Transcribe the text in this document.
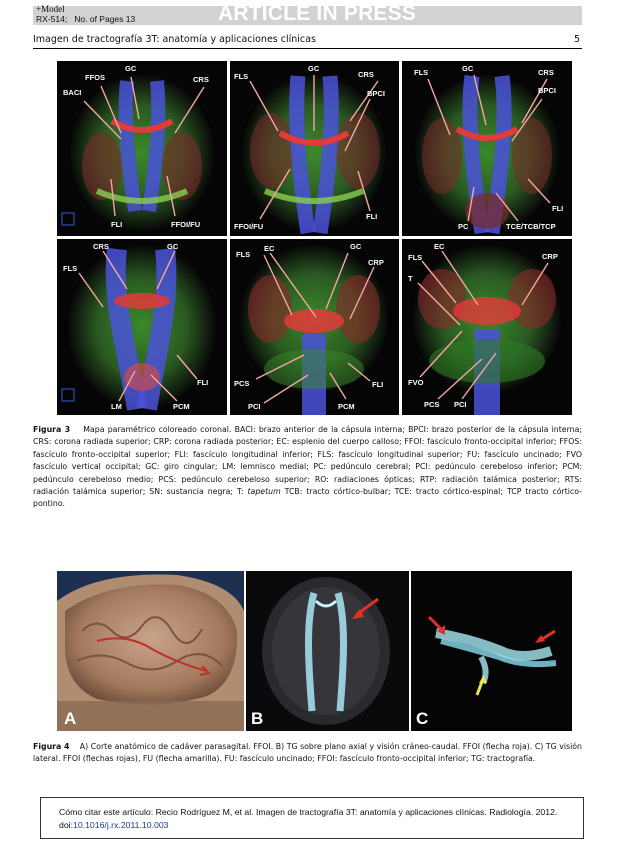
+Model
RX-514;   No. of Pages 13	ARTICLE IN PRESS
Imagen de tractografía 3T: anatomía y aplicaciones clínicas	5
GC
FFOS	CRS
BACI
FLI	FFOI/FU
GC
FLS	CRS
BPCI
FFOI/FU
FLI
FLS	GC	CRS
BPCI
FLI
PC	TCE/TCB/TCP
CRS	GC
FLS
FLI
LM	PCM
FLS
EC	GC
CRP
PCS	FLI
PCI	PCM
EC
FLS	CRP
T
FVO
PCS PCI
Figura 3 Mapa paramétrico coloreado coronal. BACI: brazo anterior de la cápsula interna; BPCI: brazo posterior de la cápsula interna; CRS: corona radiada superior; CRP: corona radiada posterior; EC: esplenio del cuerpo calloso; FFOI: fascículo fronto-occipital inferior; FFOS: fascículo fronto-occipital superior; FLI: fascículo longitudinal inferior; FLS: fascículo longitudinal superior; FU: fascículo uncinado; FVO fascículo vertical occipital; GC: giro cingular; LM: lemnisco medial; PC: pedúnculo cerebral; PCI: pedúnculo cerebeloso inferior; PCM: pedúnculo cerebeloso medio; PCS: pedúnculo cerebeloso superior; RO: radiaciones ópticas; RTP: radiación talámica posterior; RTS: radiación talámica superior; SN: sustancia negra; T: tapetum TCB: tracto córtico-bulbar; TCE: tracto córtico-espinal; TCP tracto córtico-pontino.
A	B	C
Figura 4 A) Corte anatómico de cadáver parasagital. FFOI. B) TG sobre plano axial y visión cráneo-caudal. FFOI (flecha roja). C) TG visión lateral. FFOI (flechas rojas), FU (flecha amarilla). FU: fascículo uncinado; FFOI: fascículo fronto-occipital inferior; TG: tractografía.
Cómo citar este artículo: Recio Rodríguez M, et al. Imagen de tractografía 3T: anatomía y aplicaciones clínicas. Radiología. 2012. doi:10.1016/j.rx.2011.10.003
